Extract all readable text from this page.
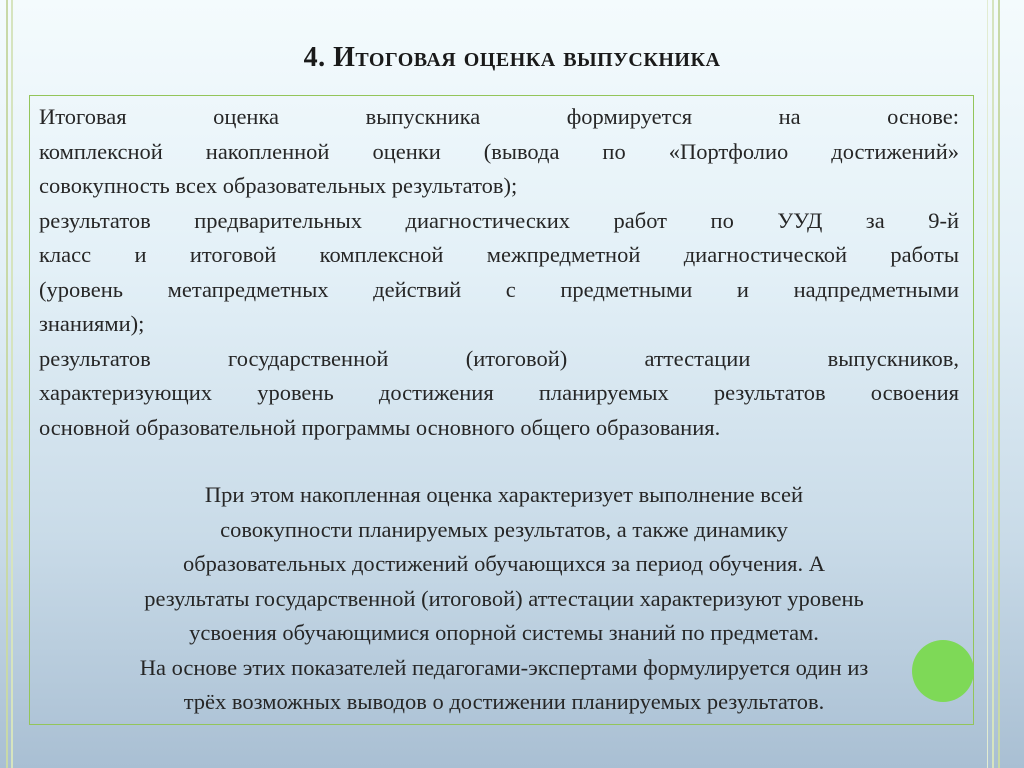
4. Итоговая оценка выпускника
Итоговая оценка выпускника формируется на основе:
комплексной накопленной оценки (вывода по «Портфолио достижений»
совокупность всех образовательных результатов);
результатов предварительных диагностических работ по УУД за 9-й
класс и итоговой комплексной межпредметной диагностической работы
(уровень метапредметных действий с предметными и надпредметными
знаниями);
результатов государственной (итоговой) аттестации выпускников,
характеризующих уровень достижения планируемых результатов освоения
основной образовательной программы основного общего образования.
При этом накопленная оценка характеризует выполнение всей
совокупности планируемых результатов, а также динамику
образовательных достижений обучающихся за период обучения. А
результаты государственной (итоговой) аттестации характеризуют уровень
усвоения обучающимися опорной системы знаний по предметам.
На основе этих показателей педагогами-экспертами формулируется один из
трёх возможных выводов о достижении планируемых результатов.
